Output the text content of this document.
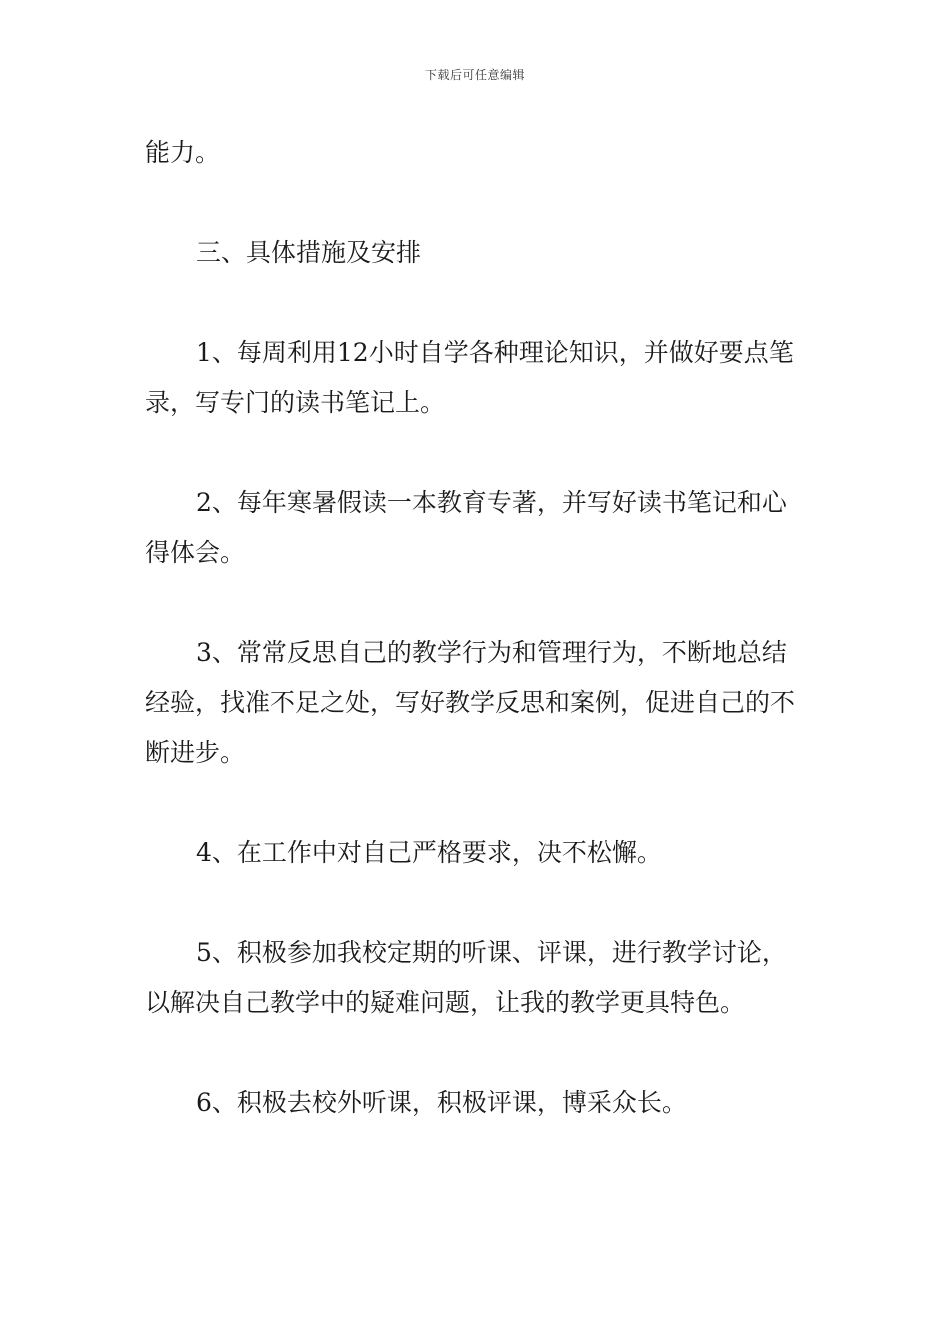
下载后可任意编辑

能力。

三、具体措施及安排

1、每周利用12小时自学各种理论知识，并做好要点笔录，写专门的读书笔记上。

2、每年寒暑假读一本教育专著，并写好读书笔记和心得体会。

3、常常反思自己的教学行为和管理行为，不断地总结经验，找准不足之处，写好教学反思和案例，促进自己的不断进步。

4、在工作中对自己严格要求，决不松懈。

5、积极参加我校定期的听课、评课，进行教学讨论，以解决自己教学中的疑难问题，让我的教学更具特色。

6、积极去校外听课，积极评课，博采众长。
